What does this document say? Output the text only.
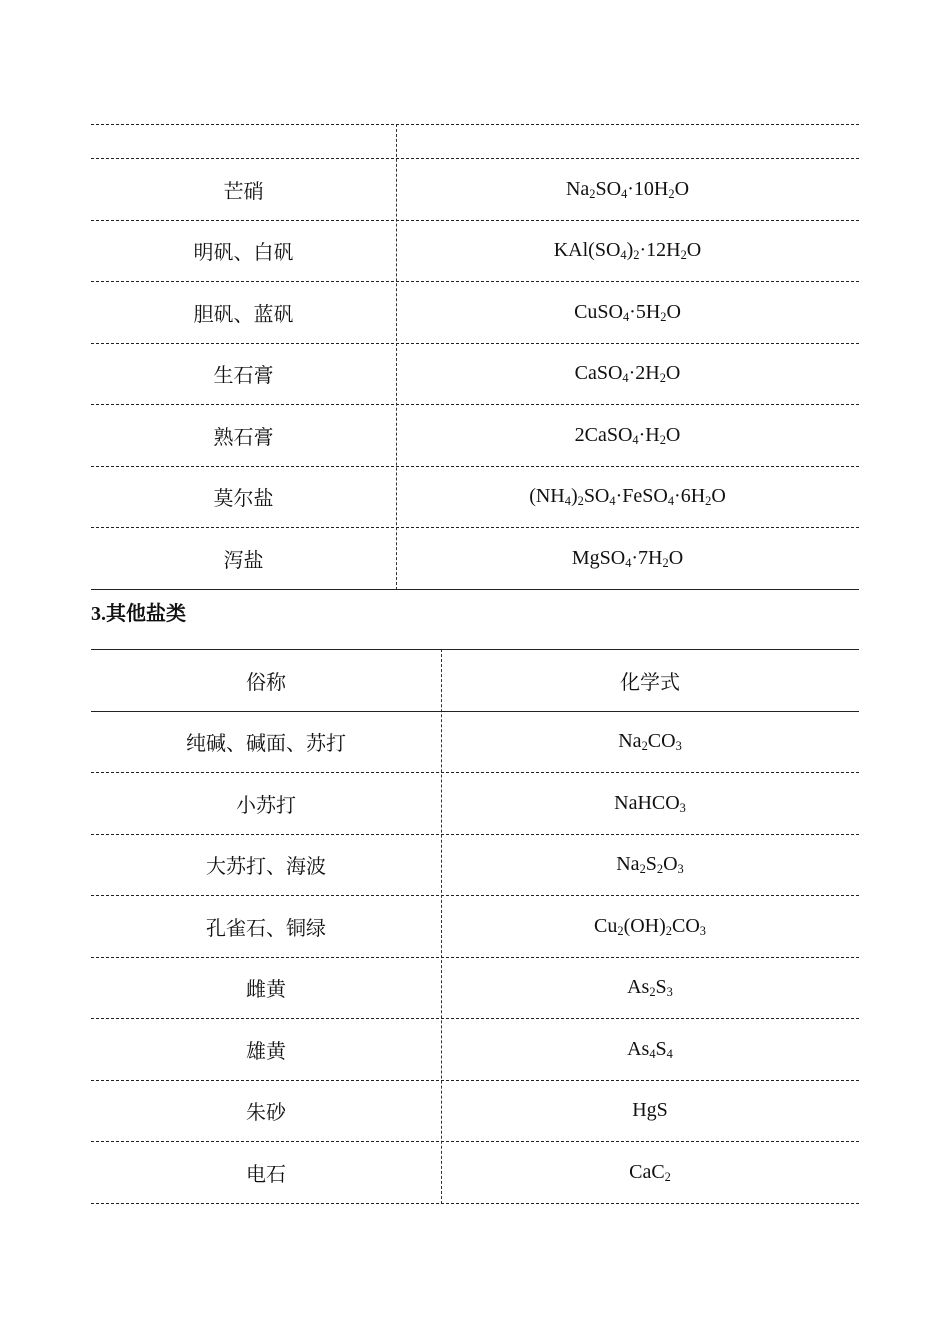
芒硝	$Na_2SO_4\cdot 10H_2O$
明矾、白矾	$KAl(SO_4)_2\cdot 12H_2O$
胆矾、蓝矾	$CuSO_4\cdot 5H_2O$
生石膏	$CaSO_4\cdot 2H_2O$
熟石膏	$2CaSO_4\cdot H_2O$
莫尔盐	$(NH_4)_2SO_4\cdot FeSO_4\cdot 6H_2O$
泻盐	$MgSO_4\cdot 7H_2O$
3.其他盐类
俗称	化学式
纯碱、碱面、苏打	$Na_2CO_3$
小苏打	NaHCO$_3$
大苏打、海波	$Na_2S_2O_3$
孔雀石、铜绿	$Cu_2(OH)_2CO_3$
雌黄	$As_2S_3$
雄黄	$As_4S_4$
朱砂	HgS
电石	CaC$_2$
